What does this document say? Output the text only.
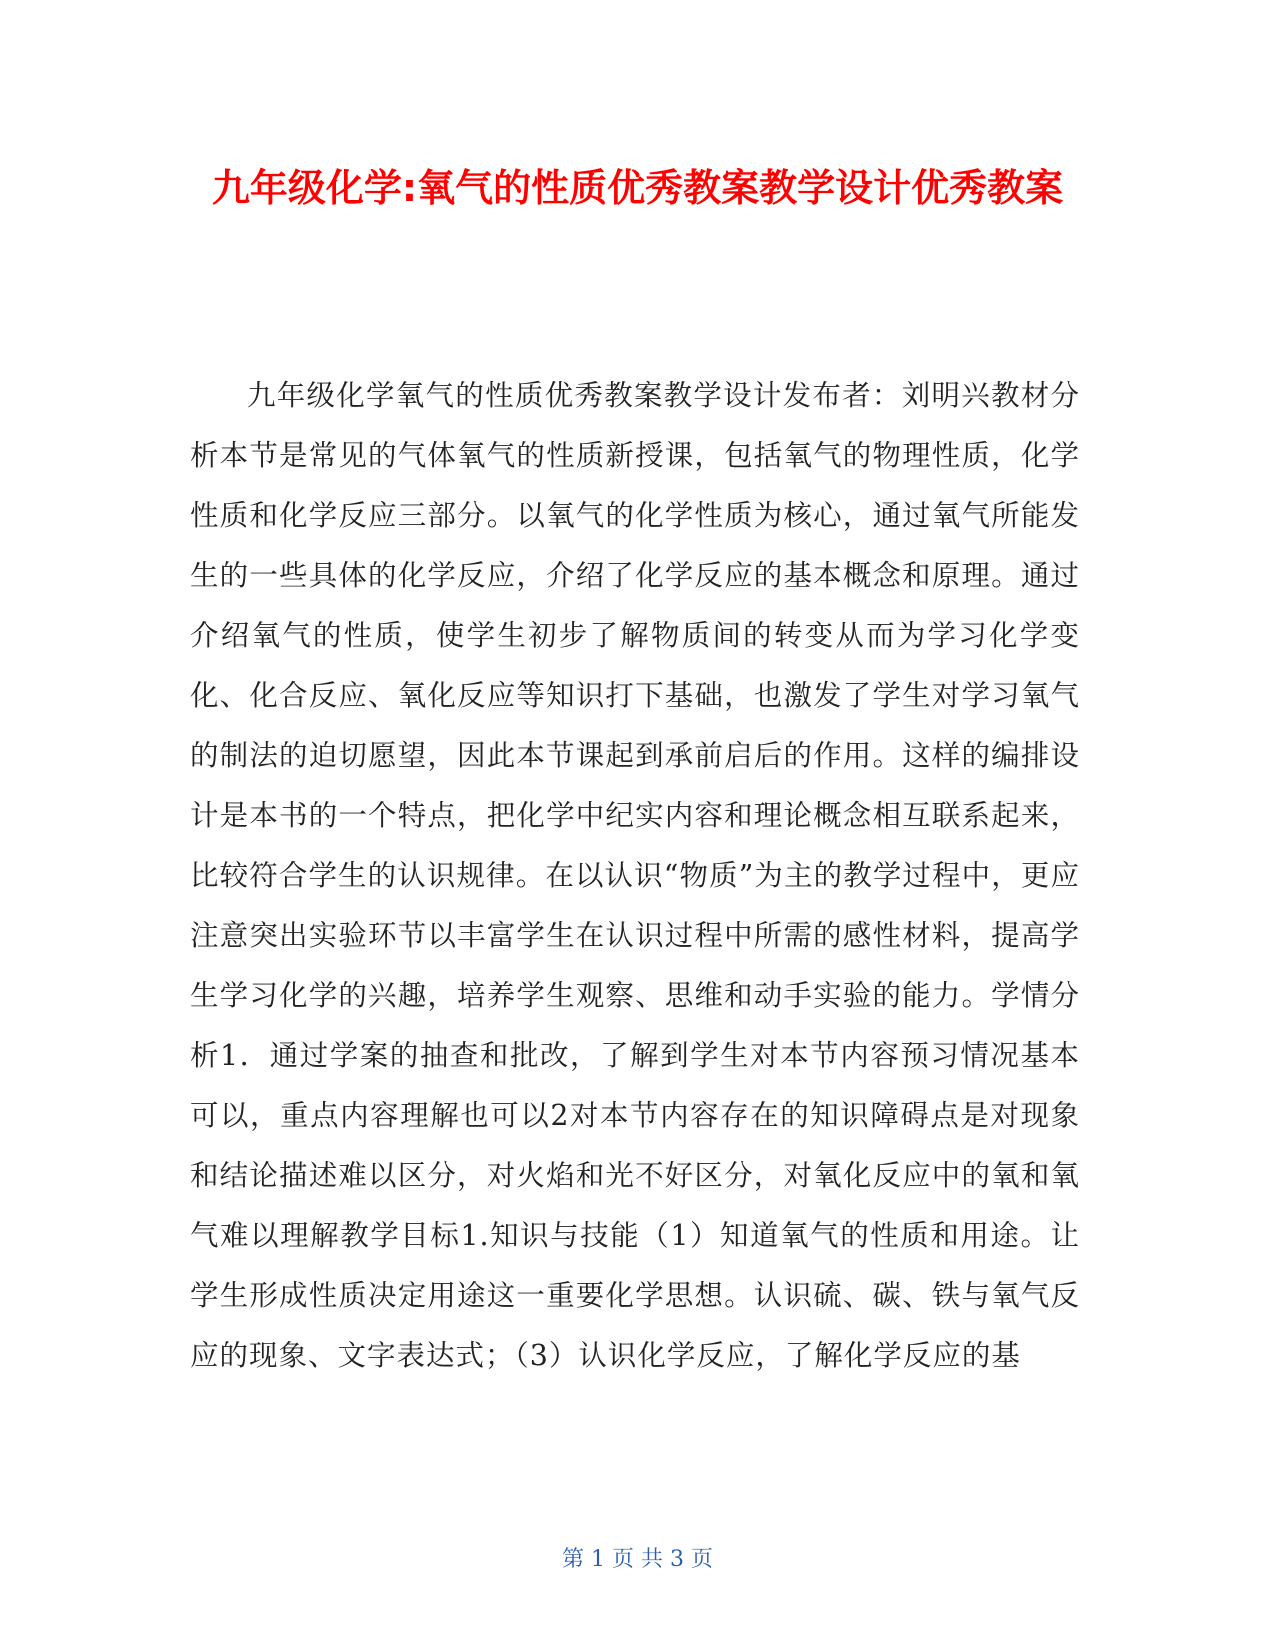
九年级化学:氧气的性质优秀教案教学设计优秀教案

九年级化学氧气的性质优秀教案教学设计发布者：刘明兴教材分析本节是常见的气体氧气的性质新授课，包括氧气的物理性质，化学性质和化学反应三部分。以氧气的化学性质为核心，通过氧气所能发生的一些具体的化学反应，介绍了化学反应的基本概念和原理。通过介绍氧气的性质，使学生初步了解物质间的转变从而为学习化学变化、化合反应、氧化反应等知识打下基础，也激发了学生对学习氧气的制法的迫切愿望，因此本节课起到承前启后的作用。这样的编排设计是本书的一个特点，把化学中纪实内容和理论概念相互联系起来，比较符合学生的认识规律。在以认识“物质”为主的教学过程中，更应注意突出实验环节以丰富学生在认识过程中所需的感性材料，提高学生学习化学的兴趣，培养学生观察、思维和动手实验的能力。学情分析1．通过学案的抽查和批改，了解到学生对本节内容预习情况基本可以，重点内容理解也可以2对本节内容存在的知识障碍点是对现象和结论描述难以区分，对火焰和光不好区分，对氧化反应中的氧和氧气难以理解教学目标1.知识与技能（1）知道氧气的性质和用途。让学生形成性质决定用途这一重要化学思想。认识硫、碳、铁与氧气反应的现象、文字表达式；（3）认识化学反应，了解化学反应的基

第 1 页 共 3 页
